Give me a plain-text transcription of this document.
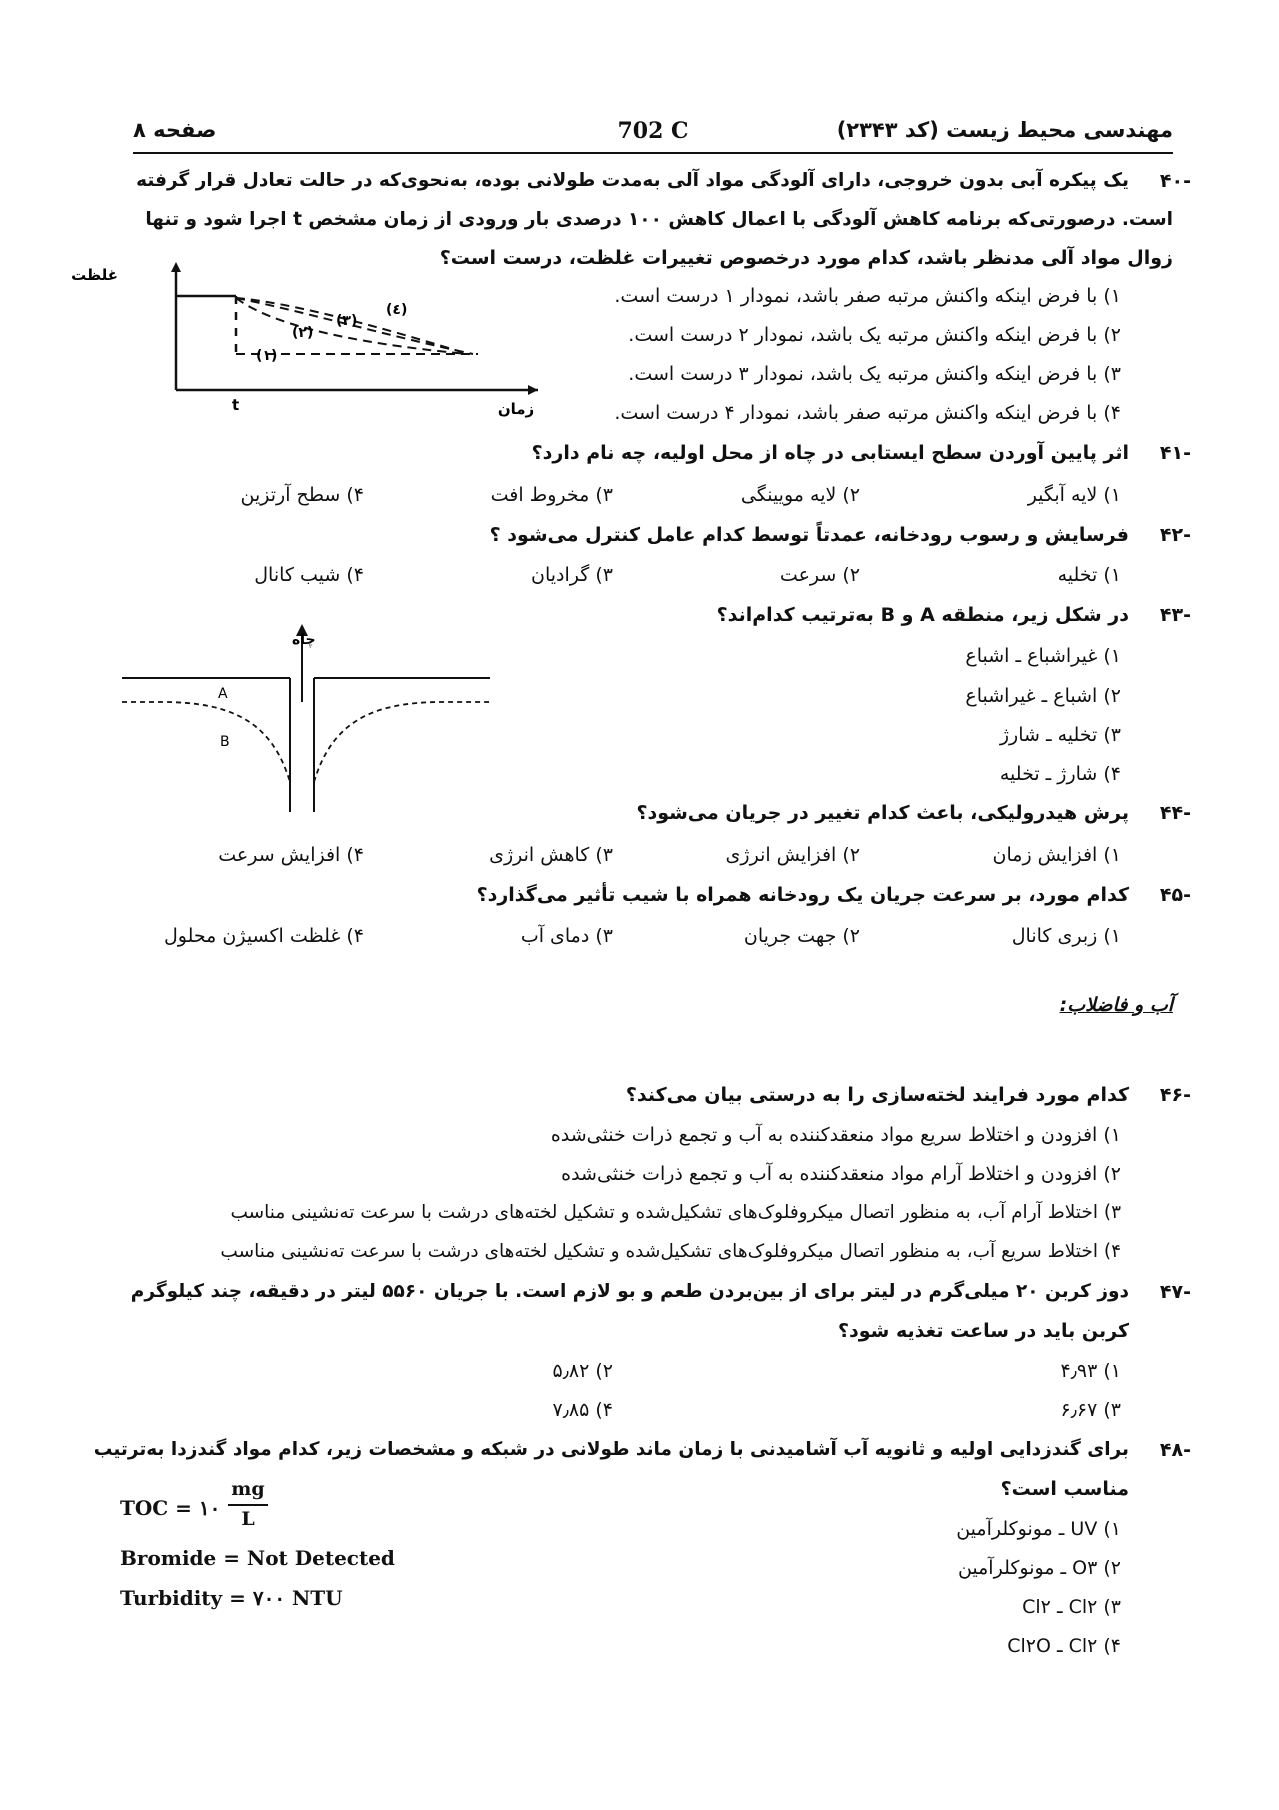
مهندسی محیط زیست (کد ۲۳۴۳)
702 C
صفحه ۸
-۴۰
یک پیکره آبی بدون خروجی، دارای آلودگی مواد آلی به‌مدت طولانی بوده، به‌نحوی‌که در حالت تعادل قرار گرفته
است. درصورتی‌که برنامه کاهش آلودگی با اعمال کاهش ۱۰۰ درصدی بار ورودی از زمان مشخص t اجرا شود و تنها
زوال مواد آلی مدنظر باشد، کدام مورد درخصوص تغییرات غلظت، درست است؟
۱) با فرض اینکه واکنش مرتبه صفر باشد، نمودار ۱ درست است.
۲) با فرض اینکه واکنش مرتبه یک باشد، نمودار ۲ درست است.
۳) با فرض اینکه واکنش مرتبه یک باشد، نمودار ۳ درست است.
۴) با فرض اینکه واکنش مرتبه صفر باشد، نمودار ۴ درست است.
غلظت
(۱)
(۲)
(۳)
(٤)
t	زمان
-۴۱
اثر پایین آوردن سطح ایستابی در چاه از محل اولیه، چه نام دارد؟
۱) لایه آبگیر
۲) لایه مویینگی
۳) مخروط افت
۴) سطح آرتزین
-۴۲
فرسایش و رسوب رودخانه، عمدتاً توسط کدام عامل کنترل می‌شود ؟
۱) تخلیه
۲) سرعت
۳) گرادیان
۴) شیب کانال
-۴۳
در شکل زیر، منطقه A و B به‌ترتیب کدام‌اند؟
۱) غیراشباع ـ اشباع
۲) اشباع ـ غیراشباع
۳) تخلیه ـ شارژ
۴) شارژ ـ تخلیه
چاه
A
B
-۴۴
پرش هیدرولیکی، باعث کدام تغییر در جریان می‌شود؟
۱) افزایش زمان
۲) افزایش انرژی
۳) کاهش انرژی
۴) افزایش سرعت
-۴۵
کدام مورد، بر سرعت جریان یک رودخانه همراه با شیب تأثیر می‌گذارد؟
۱) زبری کانال
۲) جهت جریان
۳) دمای آب
۴) غلظت اکسیژن محلول
آب و فاضلاب:
-۴۶
کدام مورد فرایند لخته‌سازی را به درستی بیان می‌کند؟
۱) افزودن و اختلاط سریع مواد منعقدکننده به آب و تجمع ذرات خنثی‌شده
۲) افزودن و اختلاط آرام مواد منعقدکننده به آب و تجمع ذرات خنثی‌شده
۳) اختلاط آرام آب، به منظور اتصال میکروفلوک‌های تشکیل‌شده و تشکیل لخته‌های درشت با سرعت ته‌نشینی مناسب
۴) اختلاط سریع آب، به منظور اتصال میکروفلوک‌های تشکیل‌شده و تشکیل لخته‌های درشت با سرعت ته‌نشینی مناسب
-۴۷
دوز کربن ۲۰ میلی‌گرم در لیتر برای از بین‌بردن طعم و بو لازم است. با جریان ۵۵۶۰ لیتر در دقیقه، چند کیلوگرم
کربن باید در ساعت تغذیه شود؟
۱) ۴٫۹۳
۲) ۵٫۸۲
۳) ۶٫۶۷
۴) ۷٫۸۵
-۴۸
برای گندزدایی اولیه و ثانویه آب آشامیدنی با زمان ماند طولانی در شبکه و مشخصات زیر، کدام مواد گندزدا به‌ترتیب
مناسب است؟
۱) UV ـ مونوکلرآمین
۲) O۳ ـ مونوکلرآمین
۳) Cl۲ ـ Cl۲
۴) Cl۲ ـ Cl۲O
TOC = ۱۰
mg
L
Bromide = Not Detected
Turbidity = ۷۰۰ NTU
